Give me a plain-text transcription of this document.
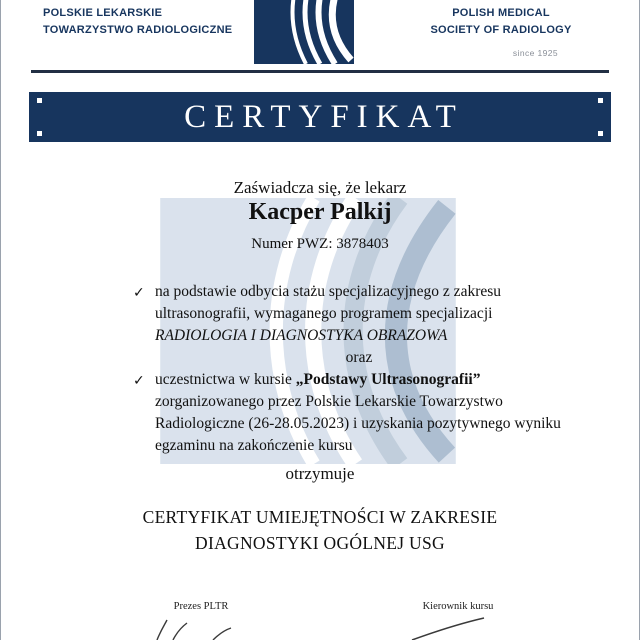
POLSKIE LEKARSKIE
TOWARZYSTWO RADIOLOGICZNE
POLISH MEDICAL
SOCIETY OF RADIOLOGY
since 1925
CERTYFIKAT

Zaświadcza się, że lekarz

Kacper Palkij

Numer PWZ: 3878403

✓ na podstawie odbycia stażu specjalizacyjnego z zakresu ultrasonografii, wymaganego programem specjalizacji RADIOLOGIA I DIAGNOSTYKA OBRAZOWA
oraz
✓ uczestnictwa w kursie „Podstawy Ultrasonografii” zorganizowanego przez Polskie Lekarskie Towarzystwo Radiologiczne (26-28.05.2023) i uzyskania pozytywnego wyniku egzaminu na zakończenie kursu

otrzymuje

CERTYFIKAT UMIEJĘTNOŚCI W ZAKRESIE
DIAGNOSTYKI OGÓLNEJ USG
Prezes PLTR	Kierownik kursu
